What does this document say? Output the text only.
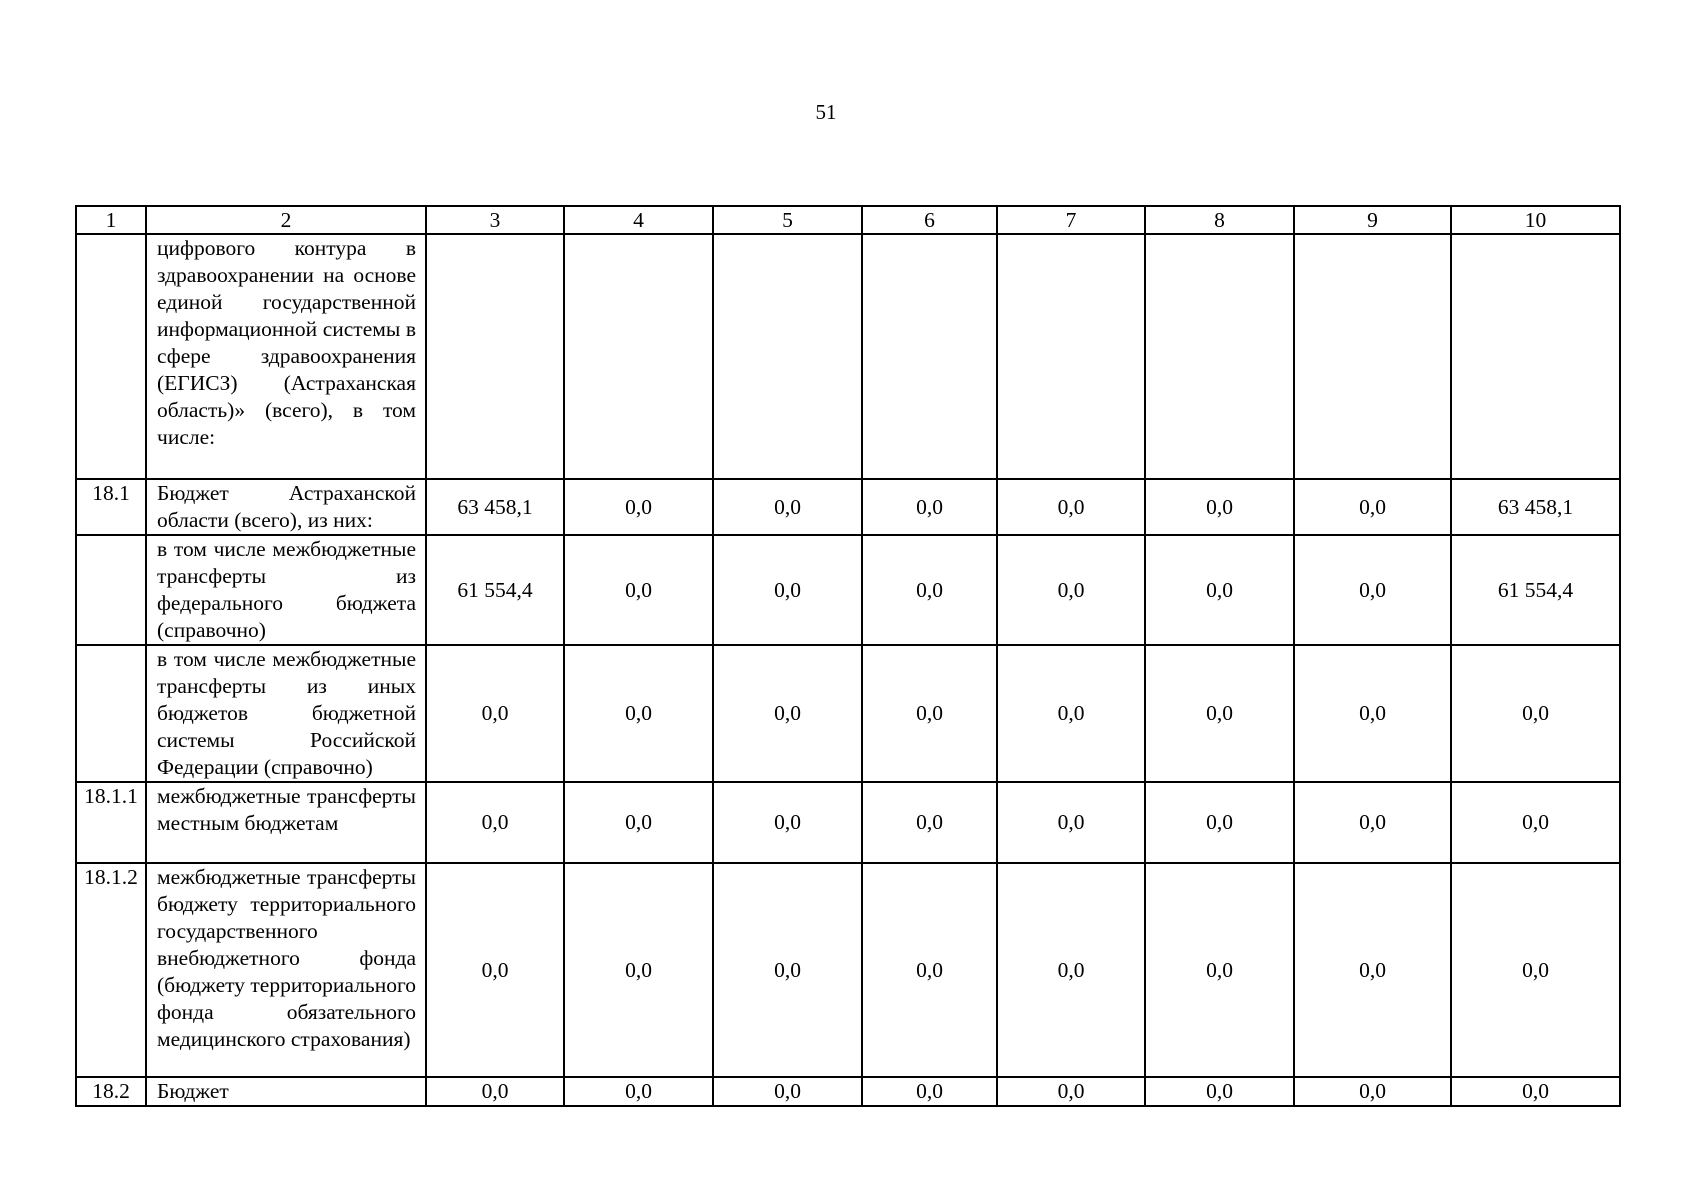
51
1	2	3	4	5	6	7	8	9	10
	цифрового контура в здравоохранении на основе единой государственной информационной системы в сфере здравоохранения (ЕГИСЗ) (Астраханская область)» (всего), в том числе:								
18.1	Бюджет Астраханской области (всего), из них:	63 458,1	0,0	0,0	0,0	0,0	0,0	0,0	63 458,1
	в том числе межбюджетные трансферты из федерального бюджета (справочно)	61 554,4	0,0	0,0	0,0	0,0	0,0	0,0	61 554,4
	в том числе межбюджетные трансферты из иных бюджетов бюджетной системы Российской Федерации (справочно)	0,0	0,0	0,0	0,0	0,0	0,0	0,0	0,0
18.1.1	межбюджетные трансферты местным бюджетам	0,0	0,0	0,0	0,0	0,0	0,0	0,0	0,0
18.1.2	межбюджетные трансферты бюджету территориального государственного внебюджетного фонда (бюджету территориального фонда обязательного медицинского страхования)	0,0	0,0	0,0	0,0	0,0	0,0	0,0	0,0
18.2	Бюджет	0,0	0,0	0,0	0,0	0,0	0,0	0,0	0,0
